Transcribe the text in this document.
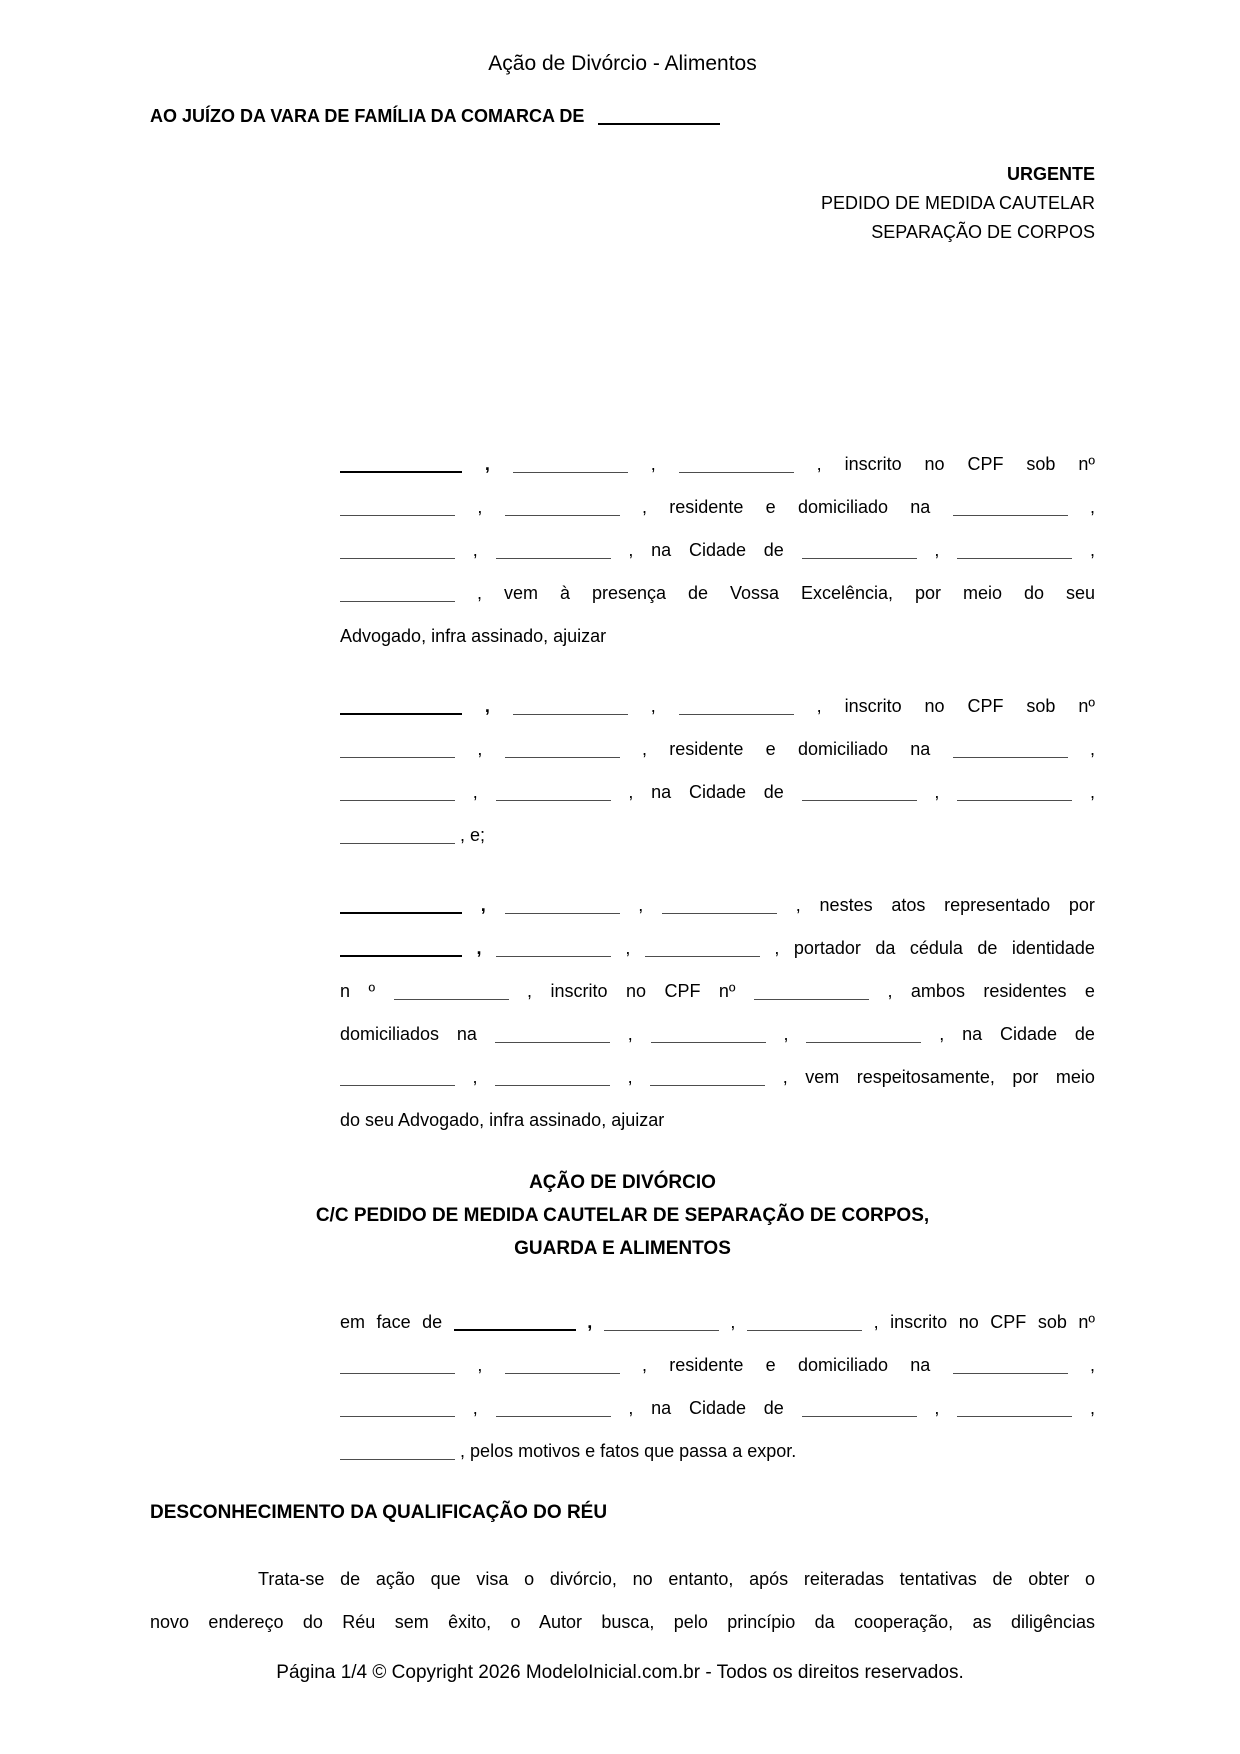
Ação de Divórcio - Alimentos
AO JUÍZO DA VARA DE FAMÍLIA DA COMARCA DE
URGENTE
PEDIDO DE MEDIDA CAUTELAR
SEPARAÇÃO DE CORPOS
,	,	, inscrito no CPF sob nº
,	, residente e domiciliado na	,
,	, na Cidade de	,	,
, vem à presença de Vossa Excelência, por meio do seu
Advogado, infra assinado, ajuizar
,	,	, inscrito no CPF sob nº
,	, residente e domiciliado na	,
,	, na Cidade de	,	,
, e;
,	,	, nestes atos representado por
,	,	, portador da cédula de identidade
n º	, inscrito no CPF nº	, ambos residentes e
domiciliados na	,	,	, na Cidade de
,	,	, vem respeitosamente, por meio
do seu Advogado, infra assinado, ajuizar
AÇÃO DE DIVÓRCIO
C/C PEDIDO DE MEDIDA CAUTELAR DE SEPARAÇÃO DE CORPOS,
GUARDA E ALIMENTOS
em face de	,	,	, inscrito no CPF sob nº
,	, residente e domiciliado na	,
,	, na Cidade de	,	,
, pelos motivos e fatos que passa a expor.
DESCONHECIMENTO DA QUALIFICAÇÃO DO RÉU
Trata-se de ação que visa o divórcio, no entanto, após reiteradas tentativas de obter o
novo endereço do Réu sem êxito, o Autor busca, pelo princípio da cooperação, as diligências
Página 1/4 © Copyright 2026 ModeloInicial.com.br - Todos os direitos reservados.
